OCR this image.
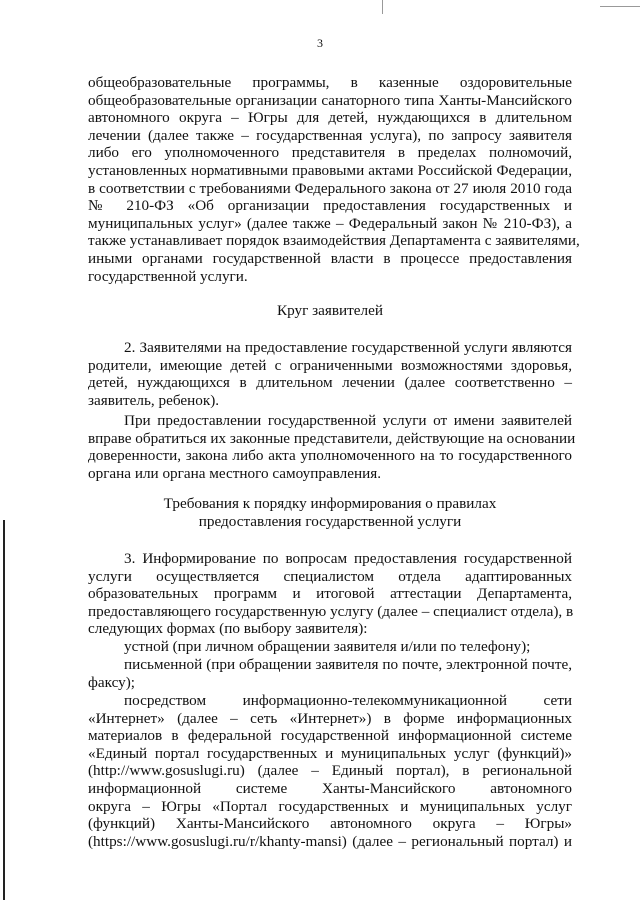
3
общеобразовательные программы, в казенные оздоровительные
общеобразовательные организации санаторного типа Ханты-Мансийского
автономного округа – Югры для детей, нуждающихся в длительном
лечении (далее также – государственная услуга), по запросу заявителя
либо его уполномоченного представителя в пределах полномочий,
установленных нормативными правовыми актами Российской Федерации,
в соответствии с требованиями Федерального закона от 27 июля 2010 года
№ 210-ФЗ «Об организации предоставления государственных и
муниципальных услуг» (далее также – Федеральный закон № 210-ФЗ), а
также устанавливает порядок взаимодействия Департамента с заявителями,
иными органами государственной власти в процессе предоставления
государственной услуги.
Круг заявителей
2. Заявителями на предоставление государственной услуги являются
родители, имеющие детей с ограниченными возможностями здоровья,
детей, нуждающихся в длительном лечении (далее соответственно –
заявитель, ребенок).
При предоставлении государственной услуги от имени заявителей
вправе обратиться их законные представители, действующие на основании
доверенности, закона либо акта уполномоченного на то государственного
органа или органа местного самоуправления.
Требования к порядку информирования о правилах
предоставления государственной услуги
3. Информирование по вопросам предоставления государственной
услуги осуществляется специалистом отдела адаптированных
образовательных программ и итоговой аттестации Департамента,
предоставляющего государственную услугу (далее – специалист отдела), в
следующих формах (по выбору заявителя):
устной (при личном обращении заявителя и/или по телефону);
письменной (при обращении заявителя по почте, электронной почте,
факсу);
посредством информационно-телекоммуникационной сети
«Интернет» (далее – сеть «Интернет») в форме информационных
материалов в федеральной государственной информационной системе
«Единый портал государственных и муниципальных услуг (функций)»
(http://www.gosuslugi.ru) (далее – Единый портал), в региональной
информационной системе Ханты-Мансийского автономного
округа – Югры «Портал государственных и муниципальных услуг
(функций) Ханты-Мансийского автономного округа – Югры»
(https://www.gosuslugi.ru/r/khanty-mansi) (далее – региональный портал) и
